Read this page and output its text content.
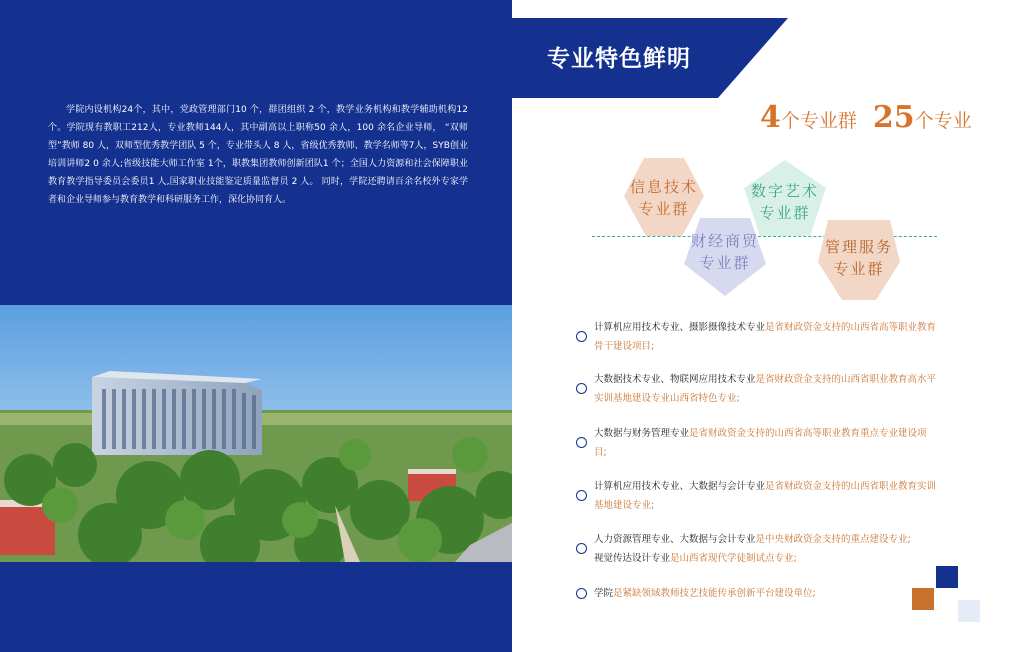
学院内设机构24个，其中，党政管理部门10 个，群团组织 2 个，教学业务机构和教学辅助机构12个。学院现有教职工212人，专业教师144人，其中副高以上职称50 余人，100 余名企业导师， “双师型”教师 80 人，双师型优秀教学团队 5 个，专业带头人 8 人，省级优秀教师、教学名师等7人，SYB创业培训讲师2 0 余人;省级技能大师工作室 1个，职教集团教师创新团队1 个；全国人力资源和社会保障职业教育教学指导委员会委员1 人,国家职业技能鉴定质量监督员 2 人。 同时，学院还聘请百余名校外专家学者和企业导师参与教育教学和科研服务工作，深化协同育人。

专业特色鲜明
4个专业群 25个专业
信息技术
专业群
数字艺术
专业群
财经商贸
专业群
管理服务
专业群
计算机应用技术专业、摄影摄像技术专业是省财政资金支持的山西省高等职业教育骨干建设项目;
大数据技术专业、物联网应用技术专业是省财政资金支持的山西省职业教育高水平实训基地建设专业山西省特色专业;
大数据与财务管理专业是省财政资金支持的山西省高等职业教育重点专业建设项目;
计算机应用技术专业、大数据与会计专业是省财政资金支持的山西省职业教育实训基地建设专业;
人力资源管理专业、大数据与会计专业是中央财政资金支持的重点建设专业;
视觉传达设计专业是山西省现代学徒制试点专业;
学院是紧缺领域教师技艺技能传承创新平台建设单位;
